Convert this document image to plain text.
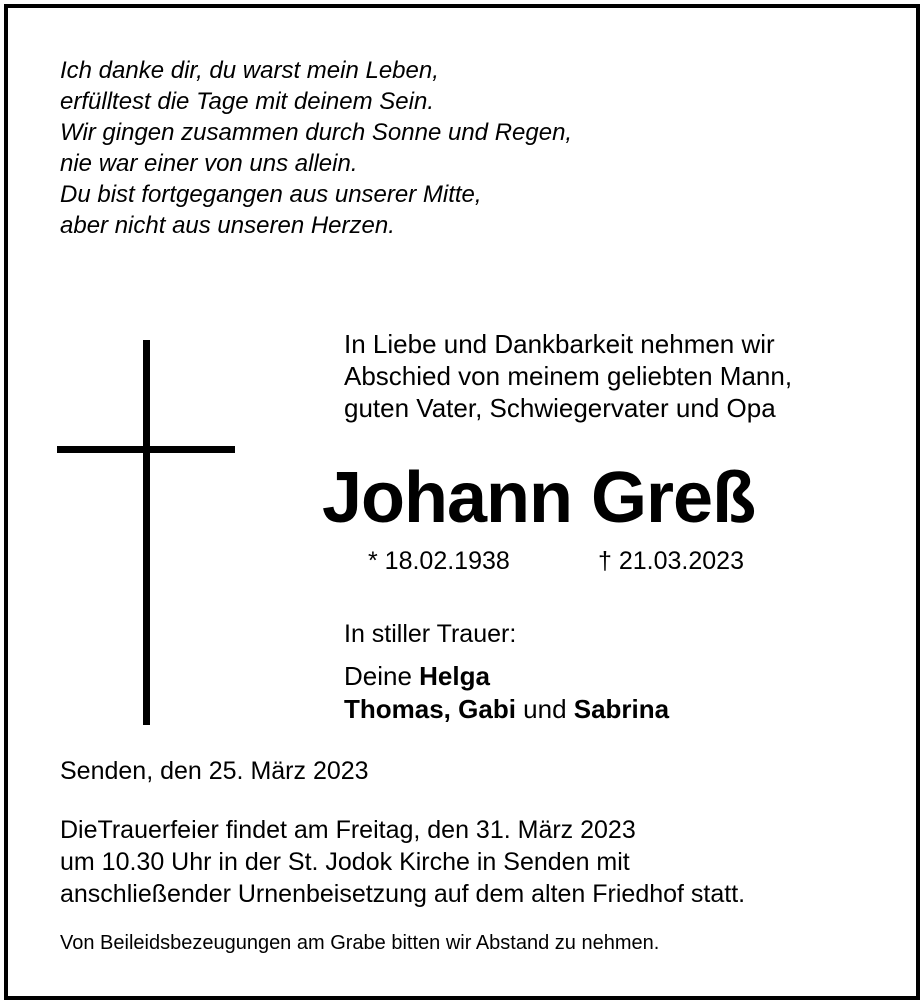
Ich danke dir, du warst mein Leben,
erfülltest die Tage mit deinem Sein.
Wir gingen zusammen durch Sonne und Regen,
nie war einer von uns allein.
Du bist fortgegangen aus unserer Mitte,
aber nicht aus unseren Herzen.
In Liebe und Dankbarkeit nehmen wir
Abschied von meinem geliebten Mann,
guten Vater, Schwiegervater und Opa
Johann Greß
* 18.02.1938	† 21.03.2023
In stiller Trauer:
Deine Helga
Thomas, Gabi und Sabrina
Senden, den 25. März 2023
DieTrauerfeier findet am Freitag, den 31. März 2023
um 10.30 Uhr in der St. Jodok Kirche in Senden mit
anschließender Urnenbeisetzung auf dem alten Friedhof statt.
Von Beileidsbezeugungen am Grabe bitten wir Abstand zu nehmen.
